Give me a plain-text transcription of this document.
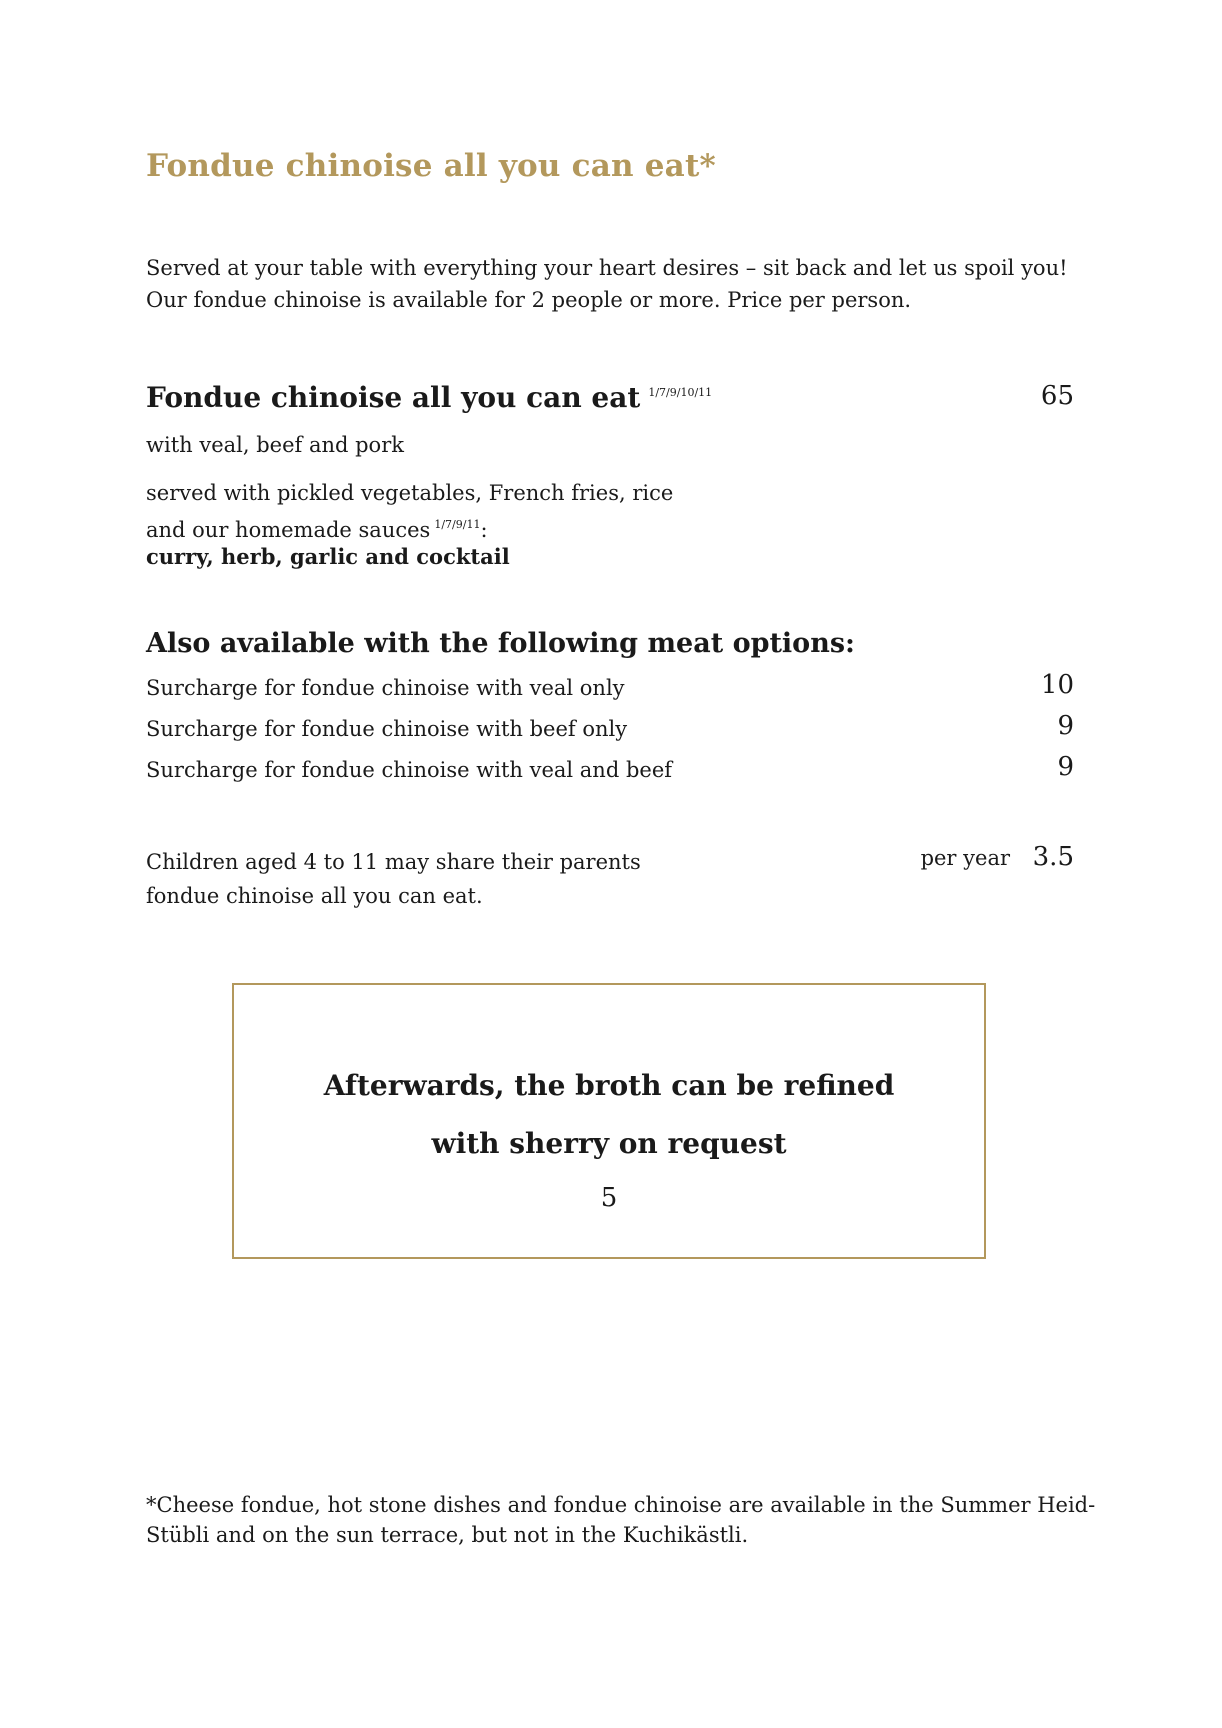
Fondue chinoise all you can eat*
Served at your table with everything your heart desires – sit back and let us spoil you!
Our fondue chinoise is available for 2 people or more. Price per person.
Fondue chinoise all you can eat $^{1/7/9/10/11}$	65
with veal, beef and pork
served with pickled vegetables, French fries, rice
and our homemade sauces $^{1/7/9/11}$:
curry, herb, garlic and cocktail
Also available with the following meat options:
Surcharge for fondue chinoise with veal only	10
Surcharge for fondue chinoise with beef only	9
Surcharge for fondue chinoise with veal and beef	9
Children aged 4 to 11 may share their parents
fondue chinoise all you can eat.
per year 3.5
Afterwards, the broth can be refined
with sherry on request
5
*Cheese fondue, hot stone dishes and fondue chinoise are available in the Summer Heid-
Stübli and on the sun terrace, but not in the Kuchikästli.
